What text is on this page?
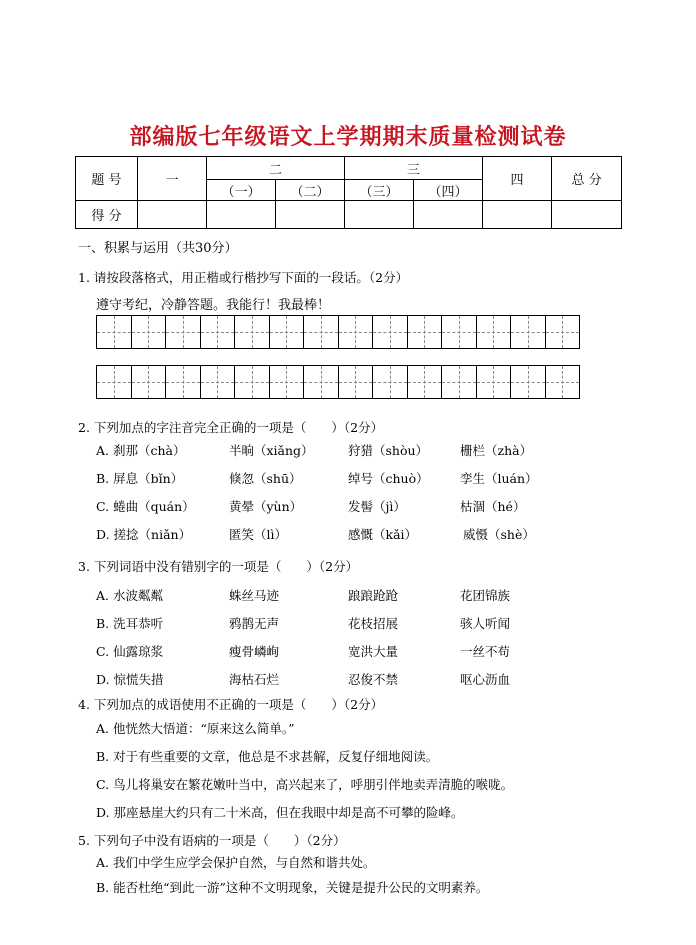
部编版七年级语文上学期期末质量检测试卷
题 号	一	二		三		四	总 分
		（一）	（二）	（三）	（四）		
得 分							
一、积累与运用（共30分）
1. 请按段落格式，用正楷或行楷抄写下面的一段话。（2分）
遵守考纪，冷静答题。我能行！我最棒！
2. 下列加点的字注音完全正确的一项是（　　）（2分）
A. 刹那（chà）	半晌（xiǎng）	狩猎（shòu）	栅栏（zhà）
B. 屏息（bǐn）	倏忽（shū）	绰号（chuò）	孪生（luán）
C. 蜷曲（quán）	黄晕（yùn）	发髻（jì）	枯涸（hé）
D. 搓捻（niǎn）	匿笑（lì）	感慨（kǎi）	威慑（shè）
3. 下列词语中没有错别字的一项是（　　）（2分）
A. 水波粼粼	蛛丝马迹	踉踉跄跄	花团锦族
B. 洗耳恭听	鸦鹊无声	花枝招展	骇人听闻
C. 仙露琼浆	瘦骨嶙峋	宽洪大量	一丝不苟
D. 惊慌失措	海枯石烂	忍俊不禁	呕心沥血
4. 下列加点的成语使用不正确的一项是（　　）（2分）
A. 他恍然大悟道：“原来这么简单。”
B. 对于有些重要的文章，他总是不求甚解，反复仔细地阅读。
C. 鸟儿将巢安在繁花嫩叶当中，高兴起来了，呼朋引伴地卖弄清脆的喉咙。
D. 那座悬崖大约只有二十米高，但在我眼中却是高不可攀的险峰。
5. 下列句子中没有语病的一项是（　　）（2分）
A. 我们中学生应学会保护自然，与自然和谐共处。
B. 能否杜绝“到此一游”这种不文明现象，关键是提升公民的文明素养。
